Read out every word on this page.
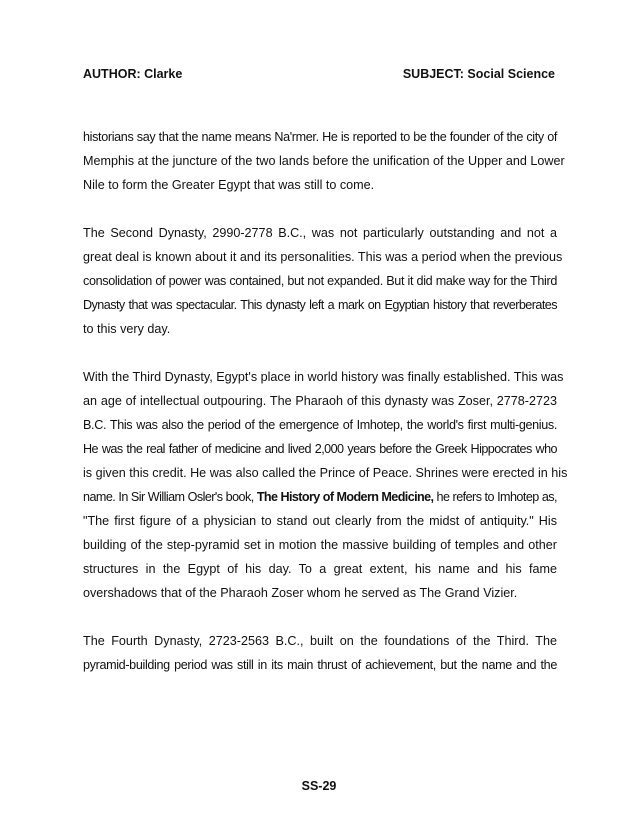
AUTHOR: Clarke	SUBJECT: Social Science

historians say that the name means Na'rmer. He is reported to be the founder of the city of
Memphis at the juncture of the two lands before the unification of the Upper and Lower
Nile to form the Greater Egypt that was still to come.

The Second Dynasty, 2990-2778 B.C., was not particularly outstanding and not a
great deal is known about it and its personalities. This was a period when the previous
consolidation of power was contained, but not expanded. But it did make way for the Third
Dynasty that was spectacular. This dynasty left a mark on Egyptian history that reverberates
to this very day.

With the Third Dynasty, Egypt's place in world history was finally established. This was
an age of intellectual outpouring. The Pharaoh of this dynasty was Zoser, 2778-2723
B.C. This was also the period of the emergence of Imhotep, the world's first multi-genius.
He was the real father of medicine and lived 2,000 years before the Greek Hippocrates who
is given this credit. He was also called the Prince of Peace. Shrines were erected in his
name. In Sir William Osler's book, The History of Modern Medicine, he refers to Imhotep as,
"The first figure of a physician to stand out clearly from the midst of antiquity." His
building of the step-pyramid set in motion the massive building of temples and other
structures in the Egypt of his day. To a great extent, his name and his fame
overshadows that of the Pharaoh Zoser whom he served as The Grand Vizier.

The Fourth Dynasty, 2723-2563 B.C., built on the foundations of the Third. The
pyramid-building period was still in its main thrust of achievement, but the name and the

SS-29
